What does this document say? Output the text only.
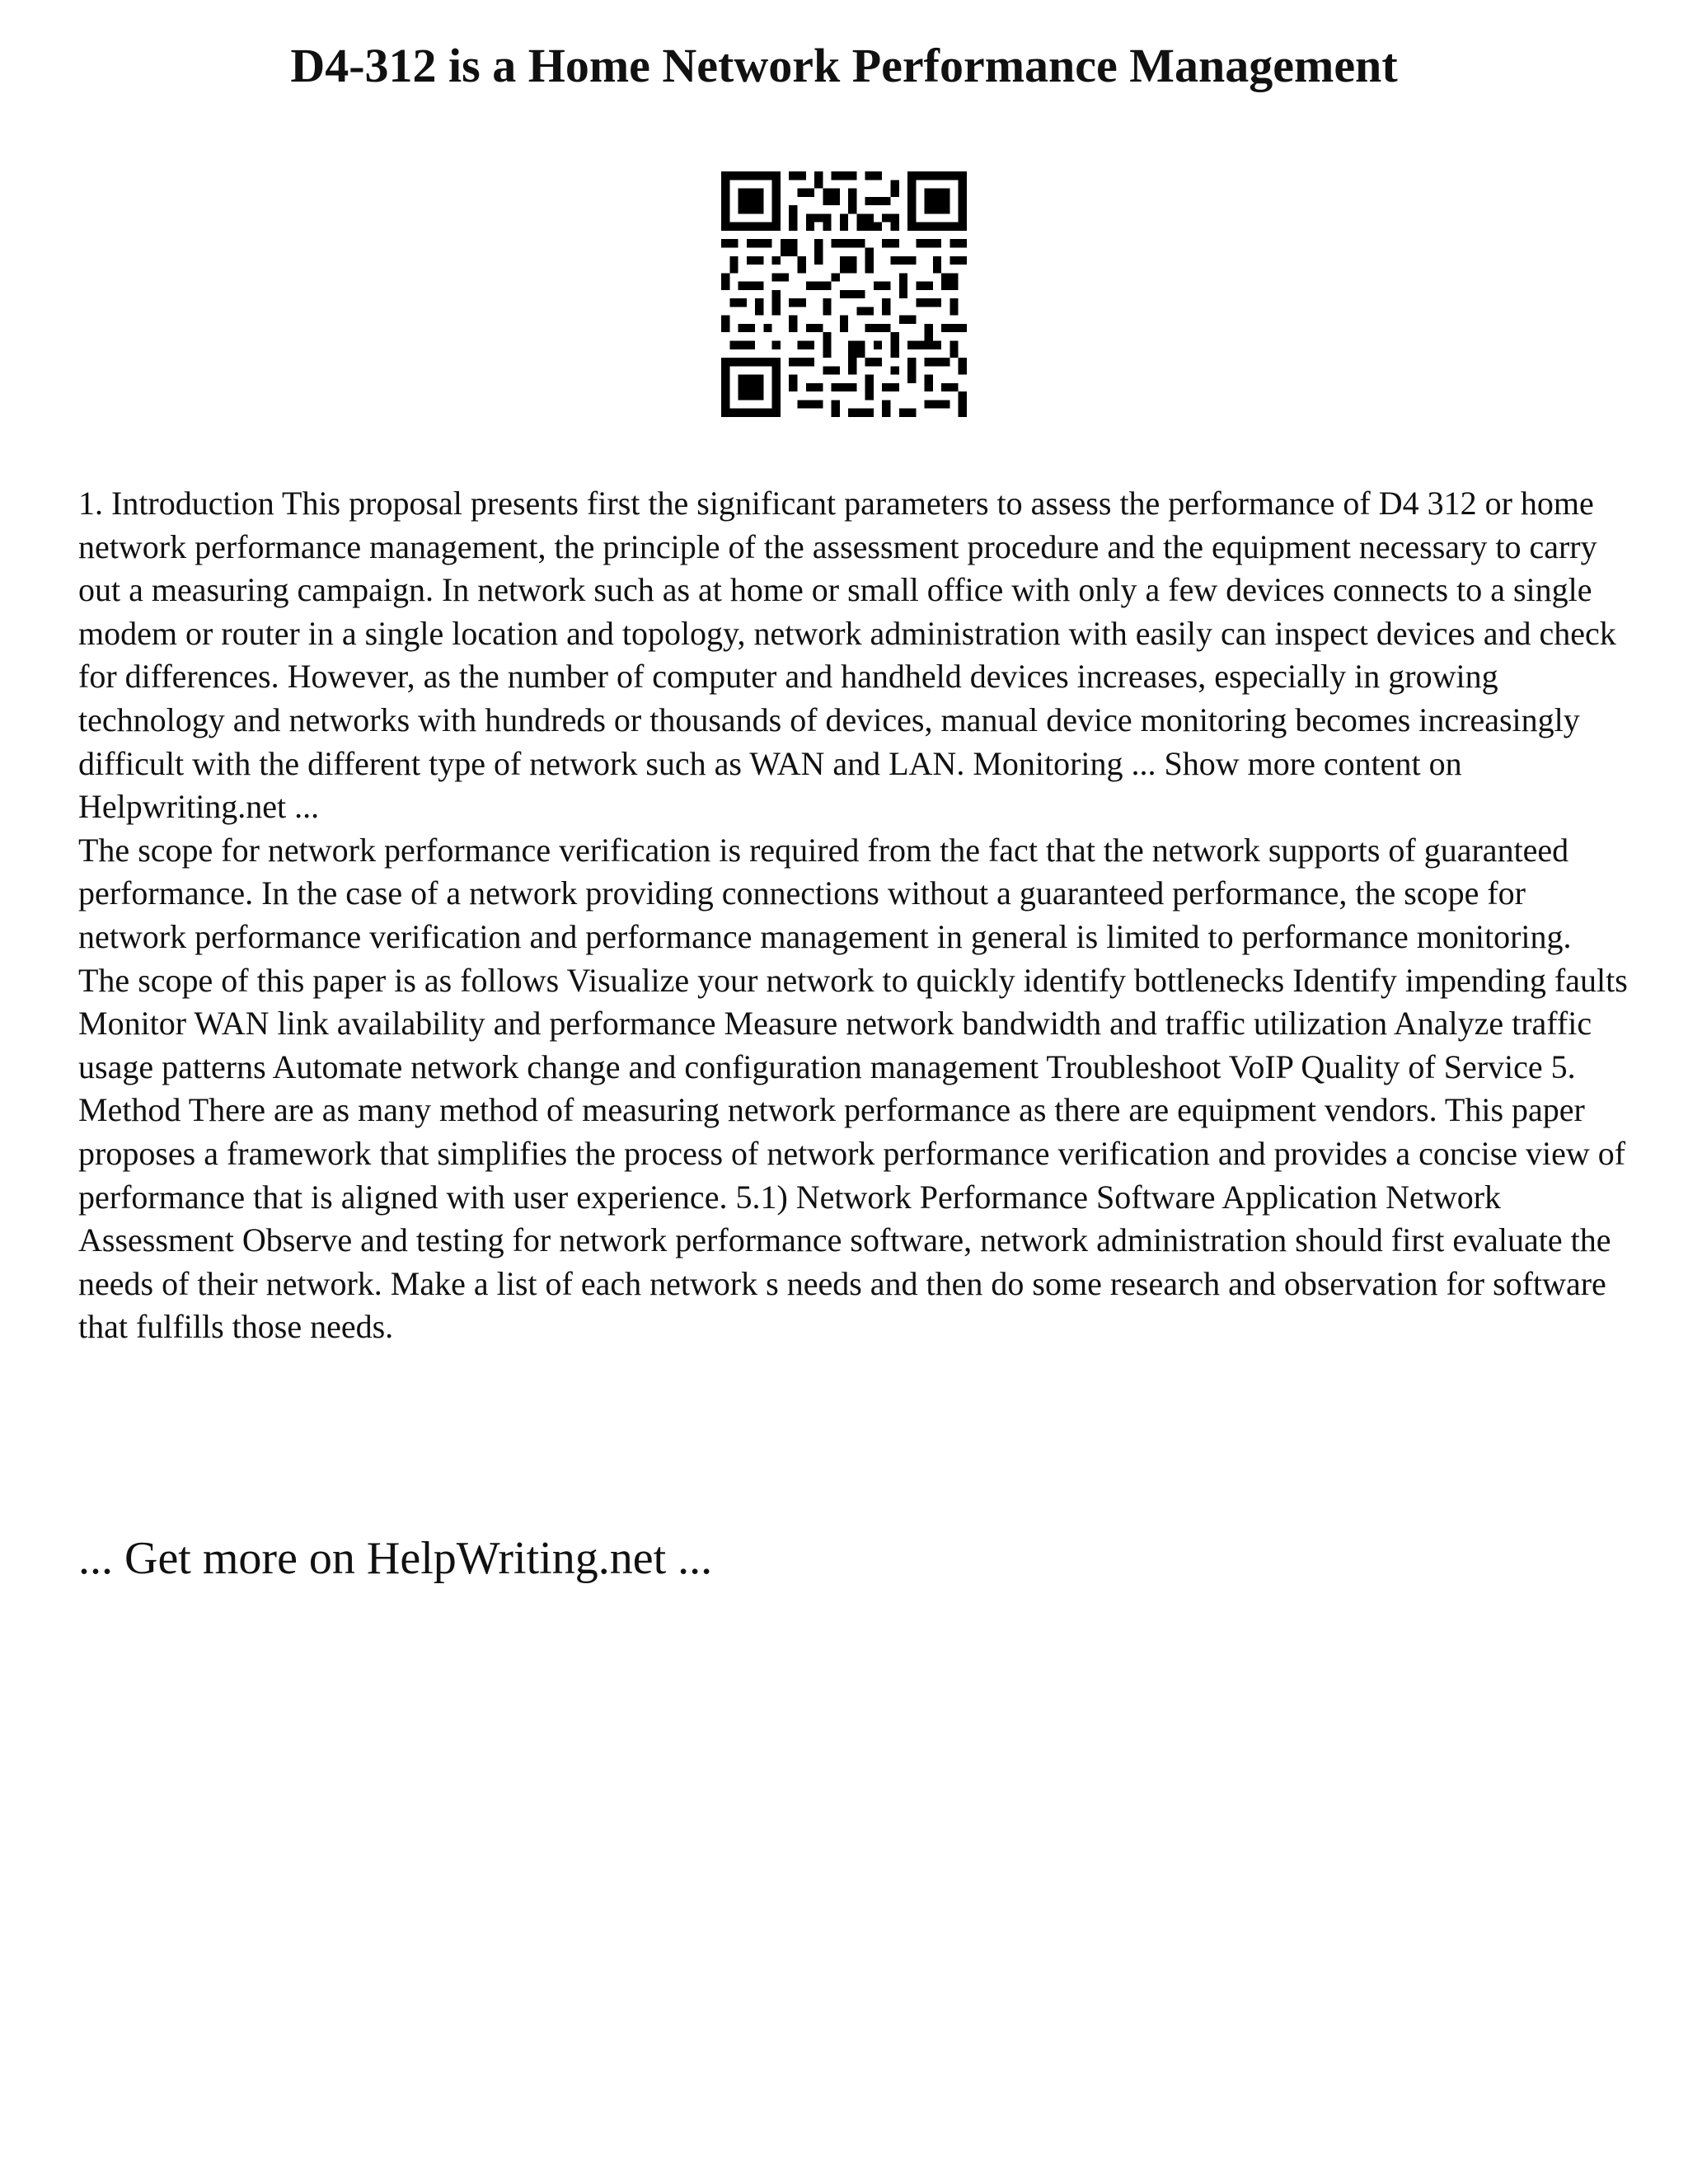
D4-312 is a Home Network Performance Management

1. Introduction This proposal presents first the significant parameters to assess the performance of D4 312 or home network performance management, the principle of the assessment procedure and the equipment necessary to carry out a measuring campaign. In network such as at home or small office with only a few devices connects to a single modem or router in a single location and topology, network administration with easily can inspect devices and check for differences. However, as the number of computer and handheld devices increases, especially in growing technology and networks with hundreds or thousands of devices, manual device monitoring becomes increasingly difficult with the different type of network such as WAN and LAN. Monitoring ... Show more content on Helpwriting.net ...

The scope for network performance verification is required from the fact that the network supports of guaranteed performance. In the case of a network providing connections without a guaranteed performance, the scope for network performance verification and performance management in general is limited to performance monitoring. The scope of this paper is as follows Visualize your network to quickly identify bottlenecks Identify impending faults Monitor WAN link availability and performance Measure network bandwidth and traffic utilization Analyze traffic usage patterns Automate network change and configuration management Troubleshoot VoIP Quality of Service 5. Method There are as many method of measuring network performance as there are equipment vendors. This paper proposes a framework that simplifies the process of network performance verification and provides a concise view of performance that is aligned with user experience. 5.1) Network Performance Software Application Network Assessment Observe and testing for network performance software, network administration should first evaluate the needs of their network. Make a list of each network s needs and then do some research and observation for software that fulfills those needs.

... Get more on HelpWriting.net ...
